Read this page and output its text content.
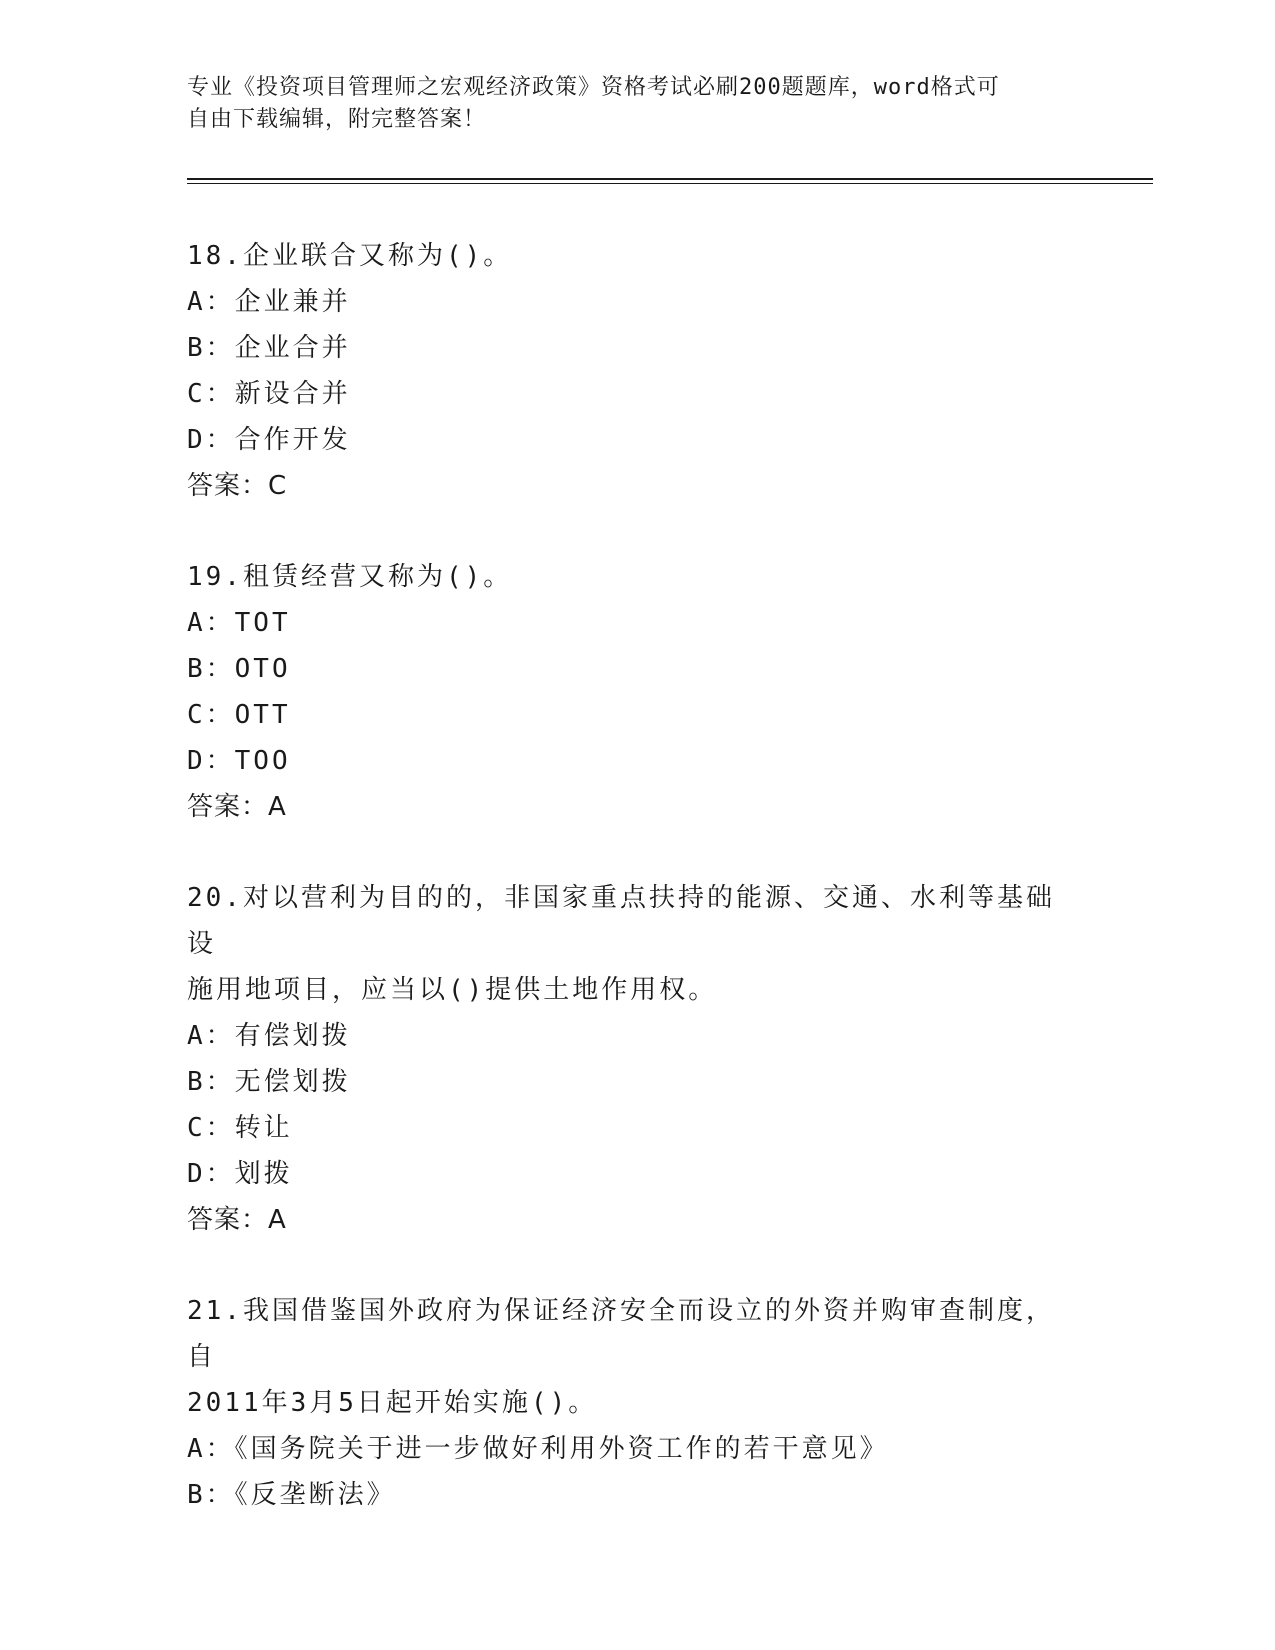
专业《投资项目管理师之宏观经济政策》资格考试必刷200题题库，word格式可
自由下载编辑，附完整答案！
18.企业联合又称为()。
A：企业兼并
B：企业合并
C：新设合并
D：合作开发
答案：C
19.租赁经营又称为()。
A：TOT
B：OTO
C：OTT
D：TOO
答案：A
20.对以营利为目的的，非国家重点扶持的能源、交通、水利等基础设
施用地项目，应当以()提供土地作用权。
A：有偿划拨
B：无偿划拨
C：转让
D：划拨
答案：A
21.我国借鉴国外政府为保证经济安全而设立的外资并购审查制度，自
2011年3月5日起开始实施()。
A：《国务院关于进一步做好利用外资工作的若干意见》
B：《反垄断法》
